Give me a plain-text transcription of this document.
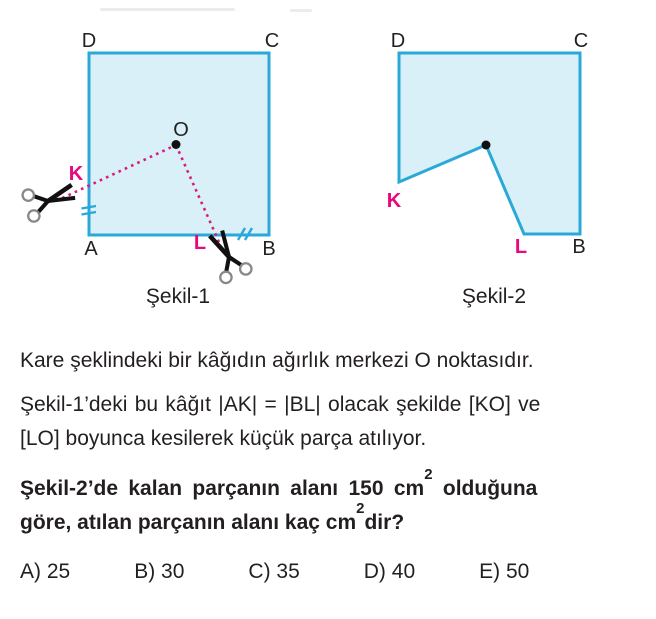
D	C
A	B
O
K
L
Şekil-1
D	C
K
L B
Şekil-2
Kare şeklindeki bir kâğıdın ağırlık merkezi O noktasıdır.
Şekil-1’deki bu kâğıt |AK| = |BL| olacak şekilde [KO] ve
[LO] boyunca kesilerek küçük parça atılıyor.
Şekil-2’de kalan parçanın alanı 150 $cm^2$ olduğuna
göre, atılan parçanın alanı kaç $cm^2dir$?
A) 25	B) 30	C) 35	D) 40	E) 50
